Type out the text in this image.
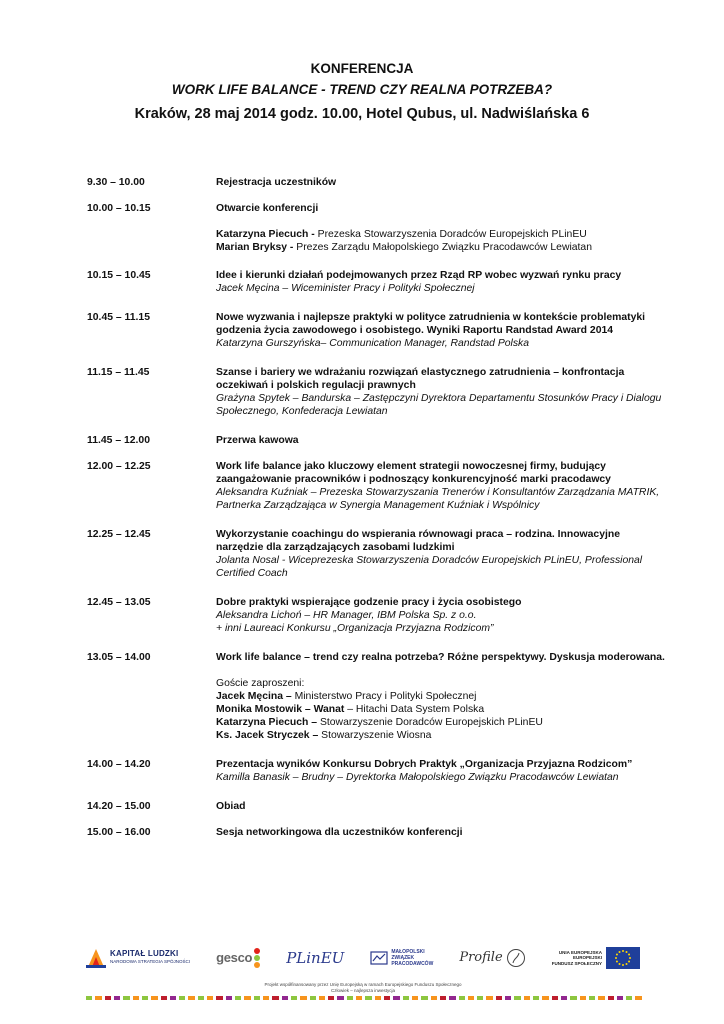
KONFERENCJA
WORK LIFE BALANCE - TREND CZY REALNA POTRZEBA?
Kraków, 28 maj 2014 godz. 10.00, Hotel Qubus, ul. Nadwiślańska 6
9.30 – 10.00	Rejestracja uczestników
10.00 – 10.15	Otwarcie konferencji
Katarzyna Piecuch - Prezeska Stowarzyszenia Doradców Europejskich PLinEU
Marian Bryksy - Prezes Zarządu Małopolskiego Związku Pracodawców Lewiatan
10.15 – 10.45	Idee i kierunki działań podejmowanych przez Rząd RP wobec wyzwań rynku pracy
Jacek Męcina – Wiceminister Pracy i Polityki Społecznej
10.45 – 11.15	Nowe wyzwania i najlepsze praktyki w polityce zatrudnienia w kontekście problematyki godzenia życia zawodowego i osobistego. Wyniki Raportu Randstad Award 2014
Katarzyna Gurszyńska– Communication Manager, Randstad Polska
11.15 – 11.45	Szanse i bariery we wdrażaniu rozwiązań elastycznego zatrudnienia – konfrontacja oczekiwań i polskich regulacji prawnych
Grażyna Spytek – Bandurska – Zastępczyni Dyrektora Departamentu Stosunków Pracy i Dialogu Społecznego, Konfederacja Lewiatan
11.45 – 12.00	Przerwa kawowa
12.00 – 12.25	Work life balance jako kluczowy element strategii nowoczesnej firmy, budujący zaangażowanie pracowników i podnoszący konkurencyjność marki pracodawcy
Aleksandra Kuźniak – Prezeska Stowarzyszania Trenerów i Konsultantów Zarządzania MATRIK, Partnerka Zarządzająca w Synergia Management Kuźniak i Wspólnicy
12.25 – 12.45	Wykorzystanie coachingu do wspierania równowagi praca – rodzina. Innowacyjne narzędzie dla zarządzających zasobami ludzkimi
Jolanta Nosal - Wiceprezeska Stowarzyszenia Doradców Europejskich PLinEU, Professional Certified Coach
12.45 – 13.05	Dobre praktyki wspierające godzenie pracy i życia osobistego
Aleksandra Lichoń – HR Manager, IBM Polska Sp. z o.o.
+ inni Laureaci Konkursu „Organizacja Przyjazna Rodzicom”
13.05 – 14.00	Work life balance – trend czy realna potrzeba? Różne perspektywy. Dyskusja moderowana.
Goście zaproszeni:
Jacek Męcina – Ministerstwo Pracy i Polityki Społecznej
Monika Mostowik – Wanat – Hitachi Data System Polska
Katarzyna Piecuch – Stowarzyszenie Doradców Europejskich PLinEU
Ks. Jacek Stryczek – Stowarzyszenie Wiosna
14.00 – 14.20	Prezentacja wyników Konkursu Dobrych Praktyk „Organizacja Przyjazna Rodzicom”
Kamilla Banasik – Brudny – Dyrektorka Małopolskiego Związku Pracodawców Lewiatan
14.20 – 15.00	Obiad
15.00 – 16.00	Sesja networkingowa dla uczestników konferencji
KAPITAŁ LUDZKI
NARODOWA STRATEGIA SPÓJNOŚCI gesco PLinEU	MAŁOPOLSKI
ZWIĄZEK
PRACODAWCÓW Profile	UNIA EUROPEJSKA
EUROPEJSKI
FUNDUSZ SPOŁECZNY
Projekt współfinansowany przez Unię Europejską w ramach Europejskiego Funduszu Społecznego
Człowiek – najlepsza inwestycja
